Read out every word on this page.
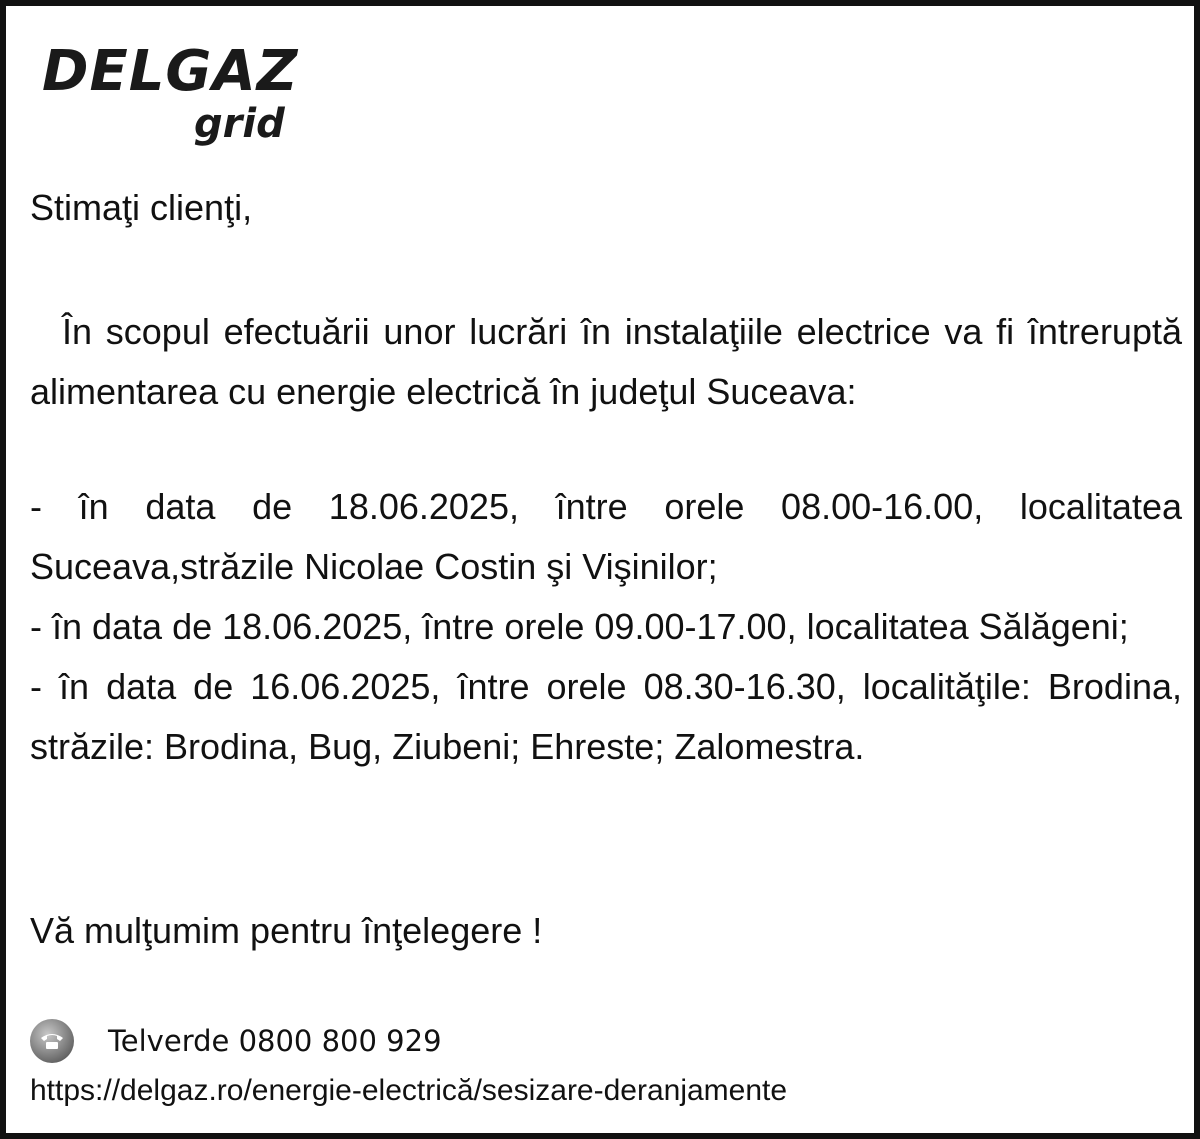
DELGAZ
grid
Stimaţi clienţi,
În scopul efectuării unor lucrări în instalaţiile electrice va fi întreruptă alimentarea cu energie electrică în judeţul Suceava:
- în data de 18.06.2025, între orele 08.00-16.00, localitatea Suceava,străzile Nicolae Costin şi Vişinilor;
- în data de 18.06.2025, între orele 09.00-17.00, localitatea Sălăgeni;
- în data de 16.06.2025, între orele 08.30-16.30, localităţile: Brodina, străzile: Brodina, Bug, Ziubeni; Ehreste; Zalomestra.
Vă mulţumim pentru înţelegere !
Telverde 0800 800 929
https://delgaz.ro/energie-electrică/sesizare-deranjamente
